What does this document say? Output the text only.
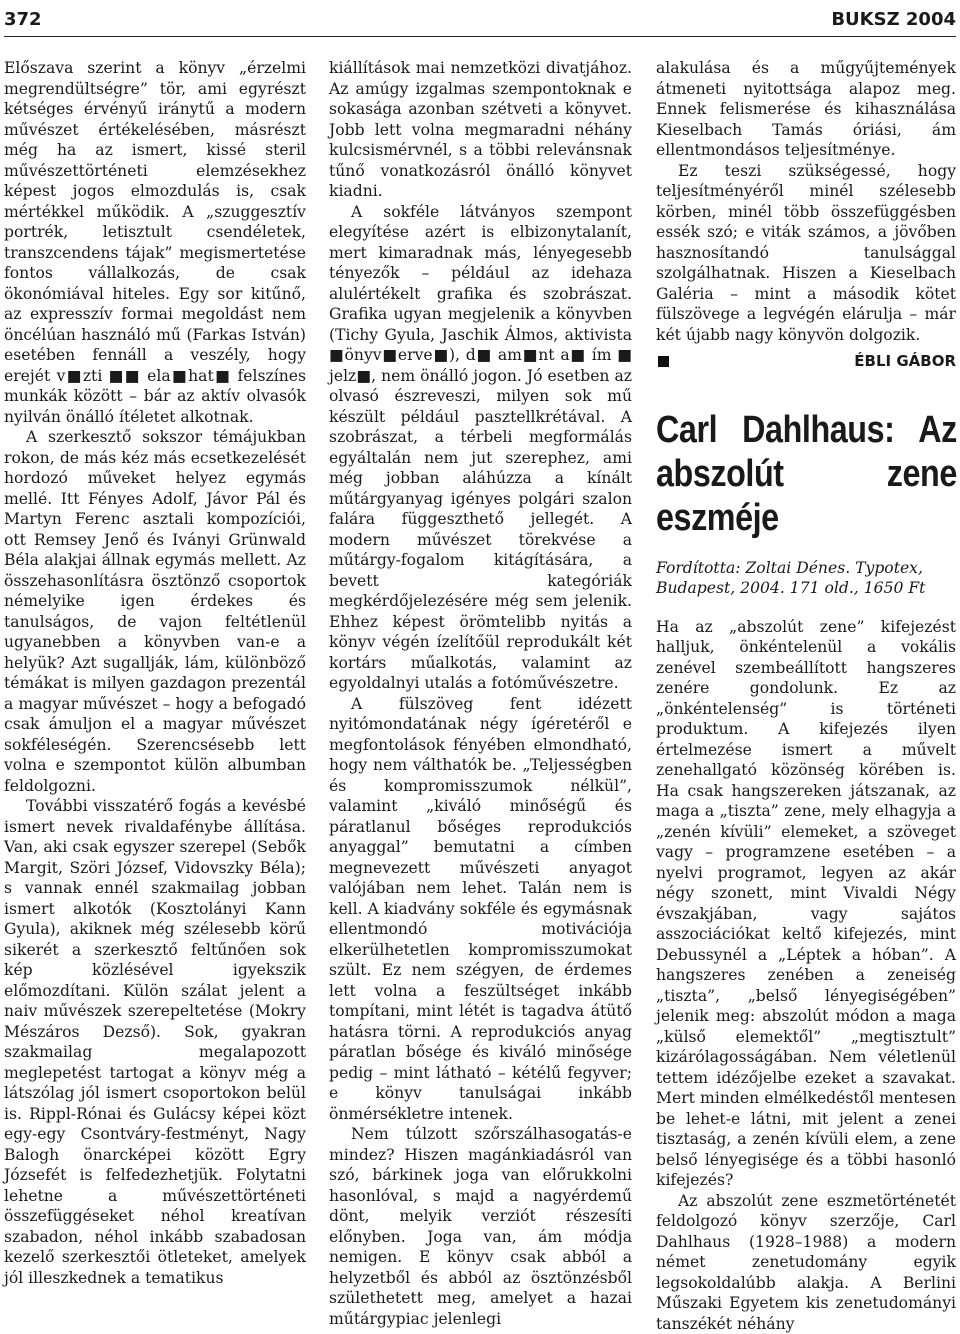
372	BUKSZ 2004

Előszava szerint a könyv „érzelmi megrendültségre” tör, ami egyrészt kétséges érvényű iránytű a modern művészet értékelésében, másrészt még ha az ismert, kissé steril művészettörténeti elemzésekhez képest jogos elmozdulás is, csak mértékkel működik. A „szuggesztív portrék, letisztult csendéletek, transzcendens tájak” megismertetése fontos vállalkozás, de csak ökonómiával hiteles. Egy sor kitűnő, az expresszív formai megoldást nem öncélúan használó mű (Farkas István) esetében fennáll a veszély, hogy erejét v■zti ■■ ela■hat■ felszínes munkák között – bár az aktív olvasók nyilván önálló ítéletet alkotnak.

A szerkesztő sokszor témájukban rokon, de más kéz más ecsetkezelését hordozó műveket helyez egymás mellé. Itt Fényes Adolf, Jávor Pál és Martyn Ferenc asztali kompozíciói, ott Remsey Jenő és Iványi Grünwald Béla alakjai állnak egymás mellett. Az összehasonlításra ösztönző csoportok némelyike igen érdekes és tanulságos, de vajon feltétlenül ugyanebben a könyvben van-e a helyük? Azt sugallják, lám, különböző témákat is milyen gazdagon prezentál a magyar művészet – hogy a befogadó csak ámuljon el a magyar művészet sokféleségén. Szerencsésebb lett volna e szempontot külön albumban feldolgozni.

További visszatérő fogás a kevésbé ismert nevek rivaldafénybe állítása. Van, aki csak egyszer szerepel (Sebők Margit, Szöri József, Vidovszky Béla); s vannak ennél szakmailag jobban ismert alkotók (Kosztolányi Kann Gyula), akiknek még szélesebb körű sikerét a szerkesztő feltűnően sok kép közlésével igyekszik előmozdítani. Külön szálat jelent a naiv művészek szerepeltetése (Mokry Mészáros Dezső). Sok, gyakran szakmailag megalapozott meglepetést tartogat a könyv még a látszólag jól ismert csoportokon belül is. Rippl-Rónai és Gulácsy képei közt egy-egy Csontváry-festményt, Nagy Balogh önarcképei között Egry Józsefét is felfedezhetjük. Folytatni lehetne a művészettörténeti összefüggéseket néhol kreatívan szabadon, néhol inkább szabadosan kezelő szerkesztői ötleteket, amelyek jól illeszkednek a tematikus

kiállítások mai nemzetközi divatjához. Az amúgy izgalmas szempontoknak e sokasága azonban szétveti a könyvet. Jobb lett volna megmaradni néhány kulcsismérvnél, s a többi relevánsnak tűnő vonatkozásról önálló könyvet kiadni.

A sokféle látványos szempont elegyítése azért is elbizonytalanít, mert kimaradnak más, lényegesebb tényezők – például az idehaza alulértékelt grafika és szobrászat. Grafika ugyan megjelenik a könyvben (Tichy Gyula, Jaschik Álmos, aktivista ■önyv■erve■), d■ am■nt a■ ím ■ jelz■, nem önálló jogon. Jó esetben az olvasó észreveszi, milyen sok mű készült például pasztellkrétával. A szobrászat, a térbeli megformálás egyáltalán nem jut szerephez, ami még jobban aláhúzza a kínált műtárgyanyag igényes polgári szalon falára függeszthető jellegét. A modern művészet törekvése a műtárgy-fogalom kitágítására, a bevett kategóriák megkérdőjelezésére még sem jelenik. Ehhez képest örömtelibb nyitás a könyv végén ízelítőül reprodukált két kortárs műalkotás, valamint az egyoldalnyi utalás a fotóművészetre.

A fülszöveg fent idézett nyitómondatának négy ígéretéről e megfontolások fényében elmondható, hogy nem válthatók be. „Teljességben és kompromisszumok nélkül”, valamint „kiváló minőségű és páratlanul bőséges reprodukciós anyaggal” bemutatni a címben megnevezett művészeti anyagot valójában nem lehet. Talán nem is kell. A kiadvány sokféle és egymásnak ellentmondó motivációja elkerülhetetlen kompromisszumokat szült. Ez nem szégyen, de érdemes lett volna a feszültséget inkább tompítani, mint létét is tagadva átütő hatásra törni. A reprodukciós anyag páratlan bősége és kiváló minősége pedig – mint látható – kétélű fegyver; e könyv tanulságai inkább önmérsékletre intenek.

Nem túlzott szőrszálhasogatás-e mindez? Hiszen magánkiadásról van szó, bárkinek joga van előrukkolni hasonlóval, s majd a nagyérdemű dönt, melyik verziót részesíti előnyben. Joga van, ám módja nemigen. E könyv csak abból a helyzetből és abból az ösztönzésből születhetett meg, amelyet a hazai műtárgypiac jelenlegi

alakulása és a műgyűjtemények átmeneti nyitottsága alapoz meg. Ennek felismerése és kihasználása Kieselbach Tamás óriási, ám ellentmondásos teljesítménye.

Ez teszi szükségessé, hogy teljesítményéről minél szélesebb körben, minél több összefüggésben essék szó; e viták számos, a jövőben hasznosítandó tanulsággal szolgálhatnak. Hiszen a Kieselbach Galéria – mint a második kötet fülszövege a legvégén elárulja – már két újabb nagy könyvön dolgozik.

ÉBLI GÁBOR
Carl Dahlhaus: Az abszolút zene eszméje
Fordította: Zoltai Dénes. Typotex, Budapest, 2004. 171 old., 1650 Ft

Ha az „abszolút zene” kifejezést halljuk, önkéntelenül a vokális zenével szembeállított hangszeres zenére gondolunk. Ez az „önkéntelenség” is történeti produktum. A kifejezés ilyen értelmezése ismert a művelt zenehallgató közönség körében is. Ha csak hangszereken játszanak, az maga a „tiszta” zene, mely elhagyja a „zenén kívüli” elemeket, a szöveget vagy – programzene esetében – a nyelvi programot, legyen az akár négy szonett, mint Vivaldi Négy évszakjában, vagy sajátos asszociációkat keltő kifejezés, mint Debussynél a „Léptek a hóban”. A hangszeres zenében a zeneiség „tiszta”, „belső lényegiségében” jelenik meg: abszolút módon a maga „külső elemektől” „megtisztult” kizárólagosságában. Nem véletlenül tettem idézőjelbe ezeket a szavakat. Mert minden elmélkedéstől mentesen be lehet-e látni, mit jelent a zenei tisztaság, a zenén kívüli elem, a zene belső lényegisége és a többi hasonló kifejezés?

Az abszolút zene eszmetörténetét feldolgozó könyv szerzője, Carl Dahlhaus (1928–1988) a modern német zenetudomány egyik legsokoldalúbb alakja. A Berlini Műszaki Egyetem kis zenetudományi tanszékét néhány
